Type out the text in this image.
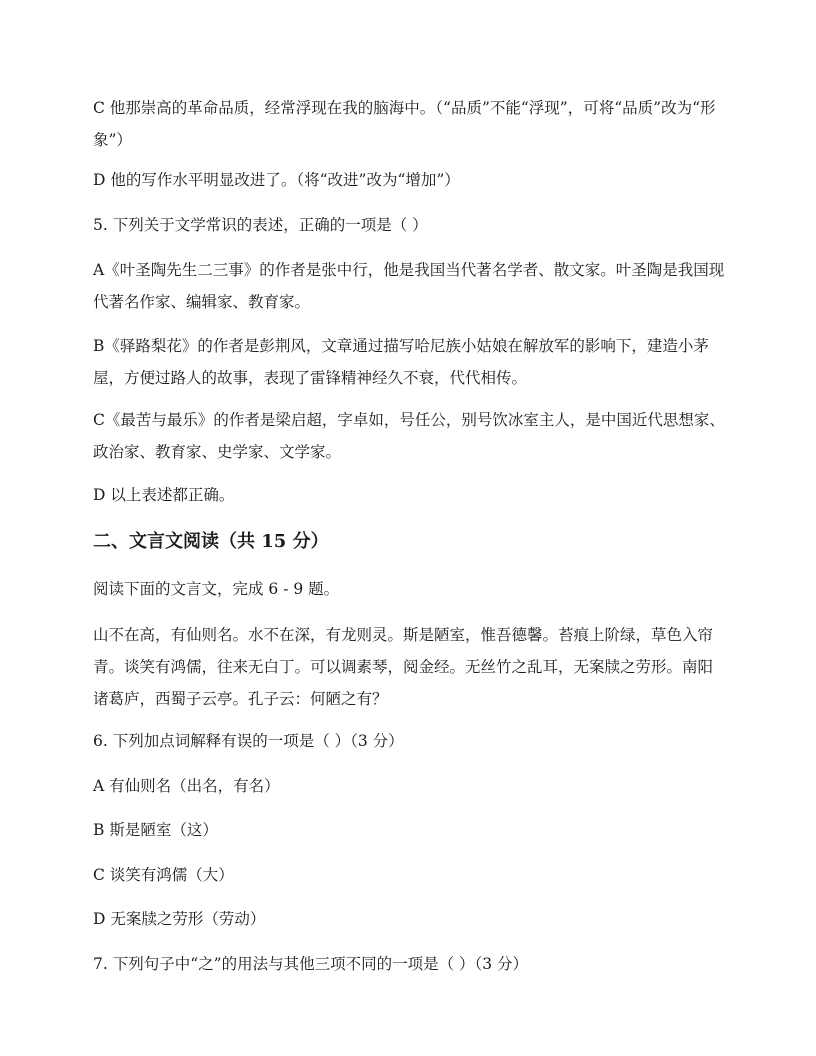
C 他那崇高的革命品质，经常浮现在我的脑海中。（“品质”不能“浮现”，可将“品质”改为“形象”）
D 他的写作水平明显改进了。（将“改进”改为“增加”）
5. 下列关于文学常识的表述，正确的一项是（ ）
A《叶圣陶先生二三事》的作者是张中行，他是我国当代著名学者、散文家。叶圣陶是我国现代著名作家、编辑家、教育家。
B《驿路梨花》的作者是彭荆风，文章通过描写哈尼族小姑娘在解放军的影响下，建造小茅屋，方便过路人的故事，表现了雷锋精神经久不衰，代代相传。
C《最苦与最乐》的作者是梁启超，字卓如，号任公，别号饮冰室主人，是中国近代思想家、政治家、教育家、史学家、文学家。
D 以上表述都正确。
二、文言文阅读（共 15 分）
阅读下面的文言文，完成 6 - 9 题。
山不在高，有仙则名。水不在深，有龙则灵。斯是陋室，惟吾德馨。苔痕上阶绿，草色入帘青。谈笑有鸿儒，往来无白丁。可以调素琴，阅金经。无丝竹之乱耳，无案牍之劳形。南阳诸葛庐，西蜀子云亭。孔子云：何陋之有？
6. 下列加点词解释有误的一项是（ ）（3 分）
A 有仙则名（出名，有名）
B 斯是陋室（这）
C 谈笑有鸿儒（大）
D 无案牍之劳形（劳动）
7. 下列句子中“之”的用法与其他三项不同的一项是（ ）（3 分）
